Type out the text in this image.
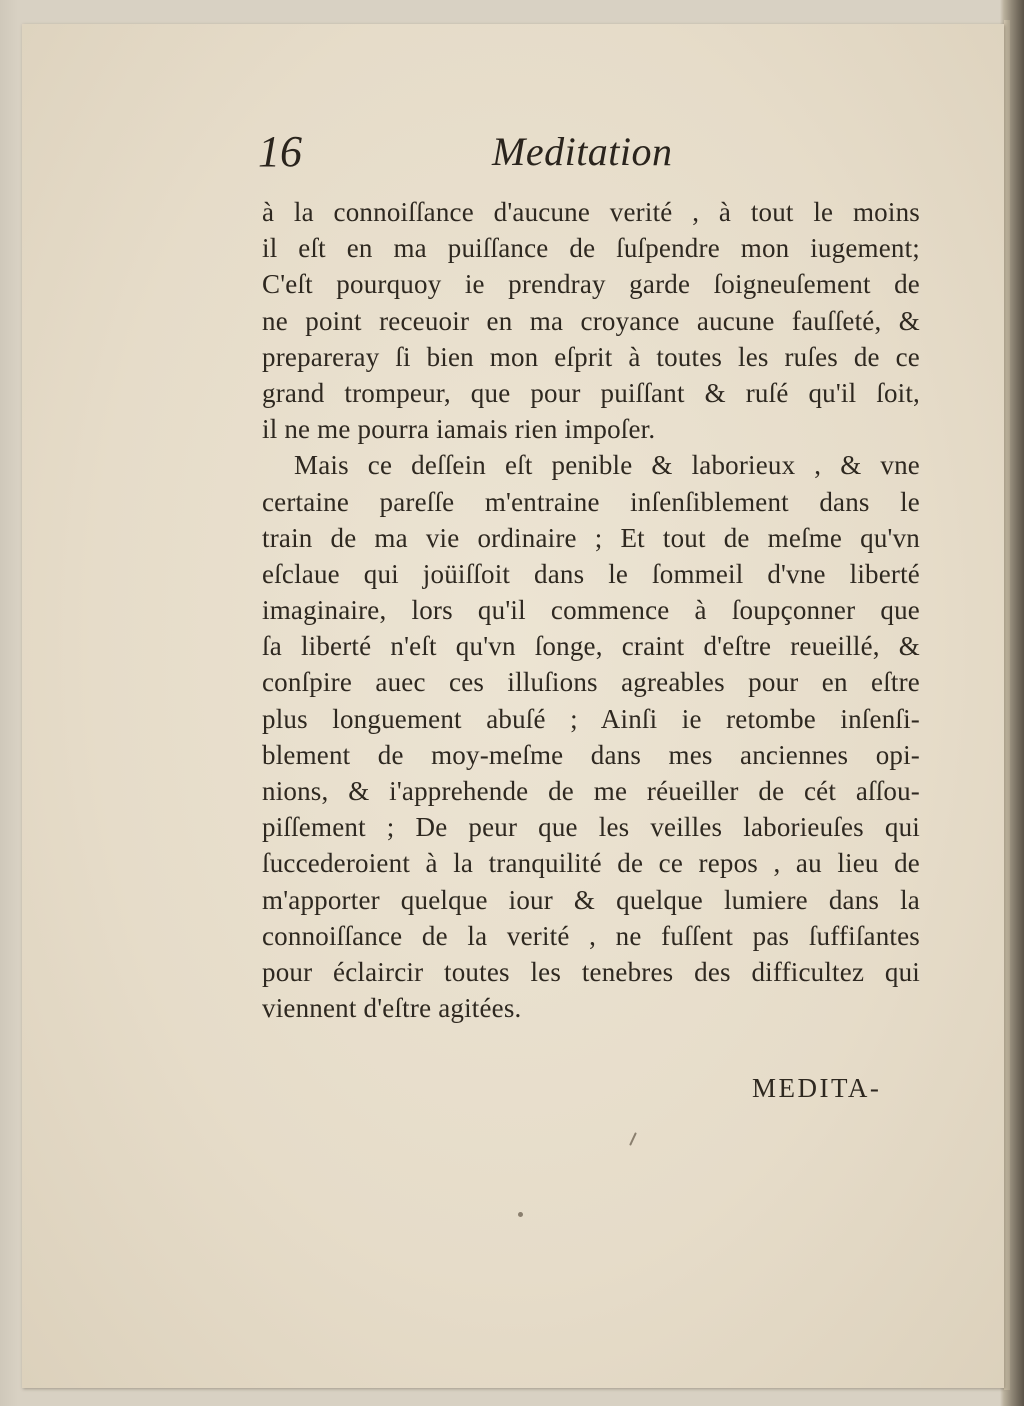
16	Meditation
à la connoiſſance d'aucune verité , à tout le moins
il eſt en ma puiſſance de ſuſpendre mon iugement;
C'eſt pourquoy ie prendray garde ſoigneuſement de
ne point receuoir en ma croyance aucune fauſſeté, &
prepareray ſi bien mon eſprit à toutes les ruſes de ce
grand trompeur, que pour puiſſant & ruſé qu'il ſoit,
il ne me pourra iamais rien impoſer.
Mais ce deſſein eſt penible & laborieux , & vne
certaine pareſſe m'entraine inſenſiblement dans le
train de ma vie ordinaire ; Et tout de meſme qu'vn
eſclaue qui joüiſſoit dans le ſommeil d'vne liberté
imaginaire, lors qu'il commence à ſoupçonner que
ſa liberté n'eſt qu'vn ſonge, craint d'eſtre reueillé, &
conſpire auec ces illuſions agreables pour en eſtre
plus longuement abuſé ; Ainſi ie retombe inſenſi-
blement de moy-meſme dans mes anciennes opi-
nions, & i'apprehende de me réueiller de cét aſſou-
piſſement ; De peur que les veilles laborieuſes qui
ſuccederoient à la tranquilité de ce repos , au lieu de
m'apporter quelque iour & quelque lumiere dans la
connoiſſance de la verité , ne fuſſent pas ſuffiſantes
pour éclaircir toutes les tenebres des difficultez qui
viennent d'eſtre agitées.
MEDITA-
